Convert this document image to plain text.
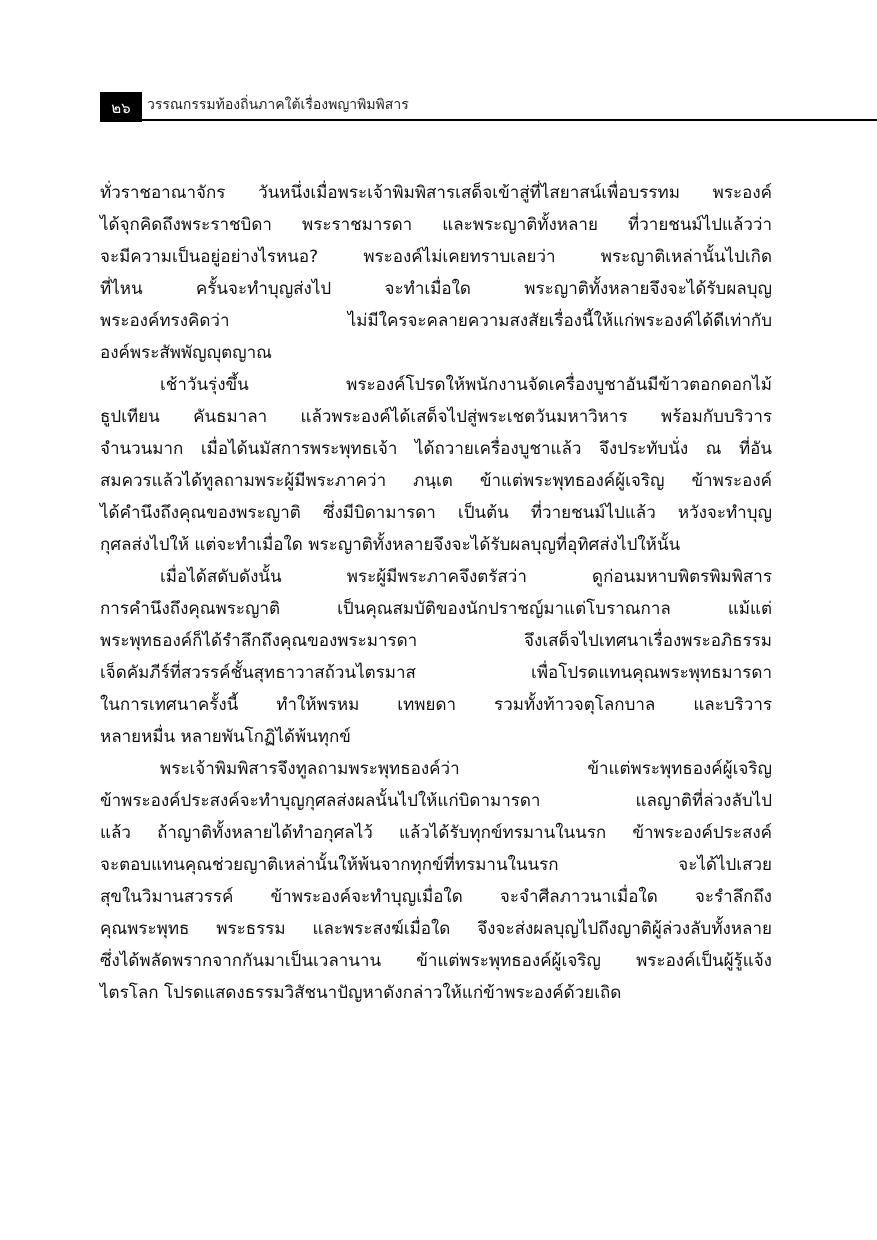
๒๖	วรรณกรรมท้องถิ่นภาคใต้เรื่องพญาพิมพิสาร
ทั่วราชอาณาจักร วันหนึ่งเมื่อพระเจ้าพิมพิสารเสด็จเข้าสู่ที่ไสยาสน์เพื่อบรรทม พระองค์
ได้จุกคิดถึงพระราชบิดา พระราชมารดา และพระญาติทั้งหลาย ที่วายชนม์ไปแล้วว่า
จะมีความเป็นอยู่อย่างไรหนอ? พระองค์ไม่เคยทราบเลยว่า พระญาติเหล่านั้นไปเกิด
ที่ไหน ครั้นจะทำบุญส่งไป จะทำเมื่อใด พระญาติทั้งหลายจึงจะได้รับผลบุญ
พระองค์ทรงคิดว่า ไม่มีใครจะคลายความสงสัยเรื่องนี้ให้แก่พระองค์ได้ดีเท่ากับ
องค์พระสัพพัญญุตญาณ
เช้าวันรุ่งขึ้น พระองค์โปรดให้พนักงานจัดเครื่องบูชาอันมีข้าวตอกดอกไม้
ธูปเทียน คันธมาลา แล้วพระองค์ได้เสด็จไปสู่พระเชตวันมหาวิหาร พร้อมกับบริวาร
จำนวนมาก เมื่อได้นมัสการพระพุทธเจ้า ได้ถวายเครื่องบูชาแล้ว จึงประทับนั่ง ณ ที่อัน
สมควรแล้วได้ทูลถามพระผู้มีพระภาคว่า ภนฺเต ข้าแต่พระพุทธองค์ผู้เจริญ ข้าพระองค์
ได้คำนึงถึงคุณของพระญาติ ซึ่งมีบิดามารดา เป็นต้น ที่วายชนม์ไปแล้ว หวังจะทำบุญ
กุศลส่งไปให้ แต่จะทำเมื่อใด พระญาติทั้งหลายจึงจะได้รับผลบุญที่อุทิศส่งไปให้นั้น
เมื่อได้สดับดังนั้น พระผู้มีพระภาคจึงตรัสว่า ดูก่อนมหาบพิตรพิมพิสาร
การคำนึงถึงคุณพระญาติ เป็นคุณสมบัติของนักปราชญ์มาแต่โบราณกาล แม้แต่
พระพุทธองค์ก็ได้รำลึกถึงคุณของพระมารดา จึงเสด็จไปเทศนาเรื่องพระอภิธรรม
เจ็ดคัมภีร์ที่สวรรค์ชั้นสุทธาวาสถ้วนไตรมาส เพื่อโปรดแทนคุณพระพุทธมารดา
ในการเทศนาครั้งนี้ ทำให้พรหม เทพยดา รวมทั้งท้าวจตุโลกบาล และบริวาร
หลายหมื่น หลายพันโกฏิได้พ้นทุกข์
พระเจ้าพิมพิสารจึงทูลถามพระพุทธองค์ว่า ข้าแต่พระพุทธองค์ผู้เจริญ
ข้าพระองค์ประสงค์จะทำบุญกุศลส่งผลนั้นไปให้แก่บิดามารดา แลญาติที่ล่วงลับไป
แล้ว ถ้าญาติทั้งหลายได้ทำอกุศลไว้ แล้วได้รับทุกข์ทรมานในนรก ข้าพระองค์ประสงค์
จะตอบแทนคุณช่วยญาติเหล่านั้นให้พ้นจากทุกข์ที่ทรมานในนรก จะได้ไปเสวย
สุขในวิมานสวรรค์ ข้าพระองค์จะทำบุญเมื่อใด จะจำศีลภาวนาเมื่อใด จะรำลึกถึง
คุณพระพุทธ พระธรรม และพระสงฆ์เมื่อใด จึงจะส่งผลบุญไปถึงญาติผู้ล่วงลับทั้งหลาย
ซึ่งได้พลัดพรากจากกันมาเป็นเวลานาน ข้าแต่พระพุทธองค์ผู้เจริญ พระองค์เป็นผู้รู้แจ้ง
ไตรโลก โปรดแสดงธรรมวิสัชนาปัญหาดังกล่าวให้แก่ข้าพระองค์ด้วยเถิด
